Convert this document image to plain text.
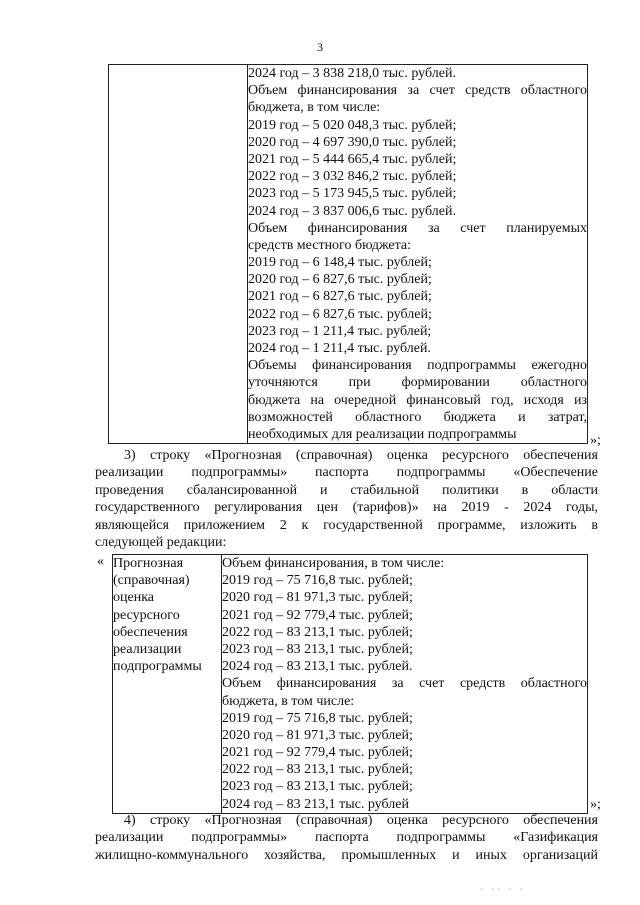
3

2024 год – 3 838 218,0 тыс. рублей.
Объем финансирования за счет средств областного
бюджета, в том числе:
2019 год – 5 020 048,3 тыс. рублей;
2020 год – 4 697 390,0 тыс. рублей;
2021 год – 5 444 665,4 тыс. рублей;
2022 год – 3 032 846,2 тыс. рублей;
2023 год – 5 173 945,5 тыс. рублей;
2024 год – 3 837 006,6 тыс. рублей.
Объем финансирования за счет планируемых
средств местного бюджета:
2019 год – 6 148,4 тыс. рублей;
2020 год – 6 827,6 тыс. рублей;
2021 год – 6 827,6 тыс. рублей;
2022 год – 6 827,6 тыс. рублей;
2023 год – 1 211,4 тыс. рублей;
2024 год – 1 211,4 тыс. рублей.
Объемы финансирования подпрограммы ежегодно
уточняются при формировании областного
бюджета на очередной финансовый год, исходя из
возможностей областного бюджета и затрат,
необходимых для реализации подпрограммы	»;

3) строку «Прогнозная (справочная) оценка ресурсного обеспечения

реализации подпрограммы» паспорта подпрограммы «Обеспечение

проведения сбалансированной и стабильной политики в области

государственного регулирования цен (тарифов)» на 2019 - 2024 годы,

являющейся приложением 2 к государственной программе, изложить в

следующей редакции:

« Прогнозная
(справочная)
оценка
ресурсного
обеспечения
реализации
подпрограммы

Объем финансирования, в том числе:
2019 год – 75 716,8 тыс. рублей;
2020 год – 81 971,3 тыс. рублей;
2021 год – 92 779,4 тыс. рублей;
2022 год – 83 213,1 тыс. рублей;
2023 год – 83 213,1 тыс. рублей;
2024 год – 83 213,1 тыс. рублей.
Объем финансирования за счет средств областного
бюджета, в том числе:
2019 год – 75 716,8 тыс. рублей;
2020 год – 81 971,3 тыс. рублей;
2021 год – 92 779,4 тыс. рублей;
2022 год – 83 213,1 тыс. рублей;
2023 год – 83 213,1 тыс. рублей;
2024 год – 83 213,1 тыс. рублей	»;

4) строку «Прогнозная (справочная) оценка ресурсного обеспечения

реализации подпрограммы» паспорта подпрограммы «Газификация

жилищно-коммунального хозяйства, промышленных и иных организаций

· ·· · ·
